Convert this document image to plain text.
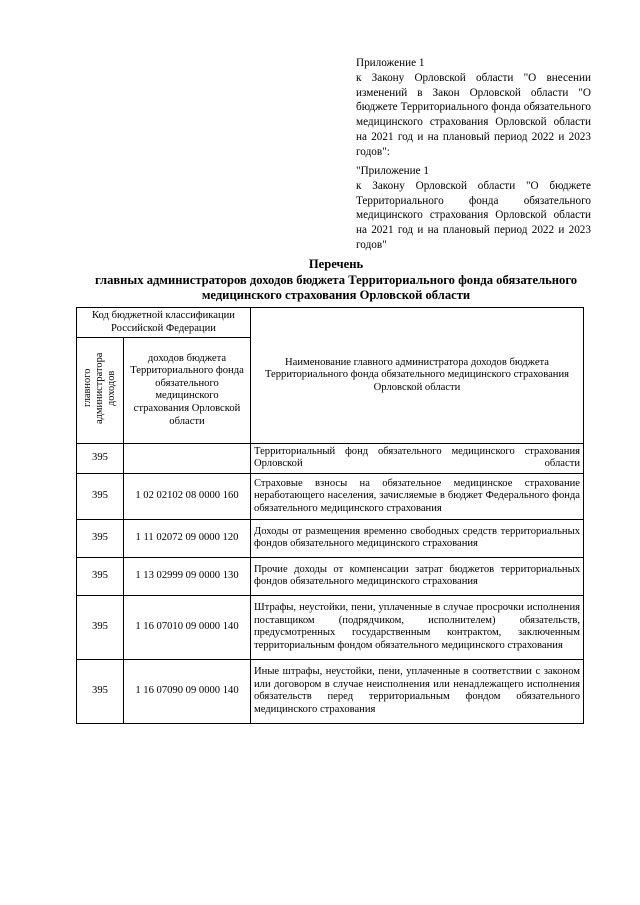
Приложение 1
к Закону Орловской области "О внесении изменений в Закон Орловской области "О бюджете Территориального фонда обязательного медицинского страхования Орловской области на 2021 год и на плановый период 2022 и 2023 годов":
"Приложение 1
к Закону Орловской области "О бюджете Территориального фонда обязательного медицинского страхования Орловской области на 2021 год и на плановый период 2022 и 2023 годов"
Перечень
главных администраторов доходов бюджета Территориального фонда обязательного медицинского страхования Орловской области
Код бюджетной классификации Российской Федерации		Наименование главного администратора доходов бюджета Территориального фонда обязательного медицинского страхования Орловской области
главного администратора доходов	доходов бюджета Территориального фонда обязательного медицинского страхования Орловской области	
395		Территориальный фонд обязательного медицинского страхования Орловской области
395	1 02 02102 08 0000 160	Страховые взносы на обязательное медицинское страхование неработающего населения, зачисляемые в бюджет Федерального фонда обязательного медицинского страхования
395	1 11 02072 09 0000 120	Доходы от размещения временно свободных средств территориальных фондов обязательного медицинского страхования
395	1 13 02999 09 0000 130	Прочие доходы от компенсации затрат бюджетов территориальных фондов обязательного медицинского страхования
395	1 16 07010 09 0000 140	Штрафы, неустойки, пени, уплаченные в случае просрочки исполнения поставщиком (подрядчиком, исполнителем) обязательств, предусмотренных государственным контрактом, заключенным территориальным фондом обязательного медицинского страхования
395	1 16 07090 09 0000 140	Иные штрафы, неустойки, пени, уплаченные в соответствии с законом или договором в случае неисполнения или ненадлежащего исполнения обязательств перед территориальным фондом обязательного медицинского страхования
